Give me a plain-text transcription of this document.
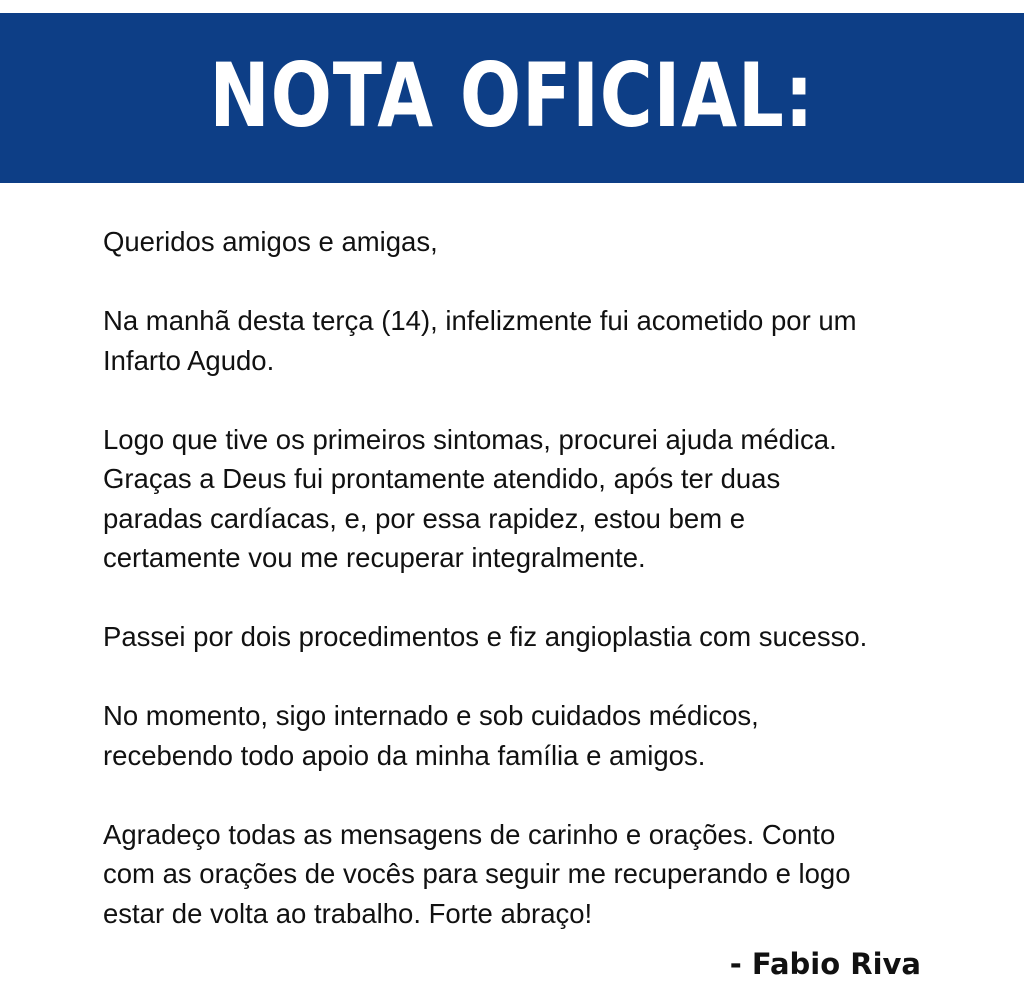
NOTA OFICIAL:

Queridos amigos e amigas,

Na manhã desta terça (14), infelizmente fui acometido por um
Infarto Agudo.

Logo que tive os primeiros sintomas, procurei ajuda médica.
Graças a Deus fui prontamente atendido, após ter duas
paradas cardíacas, e, por essa rapidez, estou bem e
certamente vou me recuperar integralmente.

Passei por dois procedimentos e fiz angioplastia com sucesso.

No momento, sigo internado e sob cuidados médicos,
recebendo todo apoio da minha família e amigos.

Agradeço todas as mensagens de carinho e orações. Conto
com as orações de vocês para seguir me recuperando e logo
estar de volta ao trabalho. Forte abraço!

- Fabio Riva
